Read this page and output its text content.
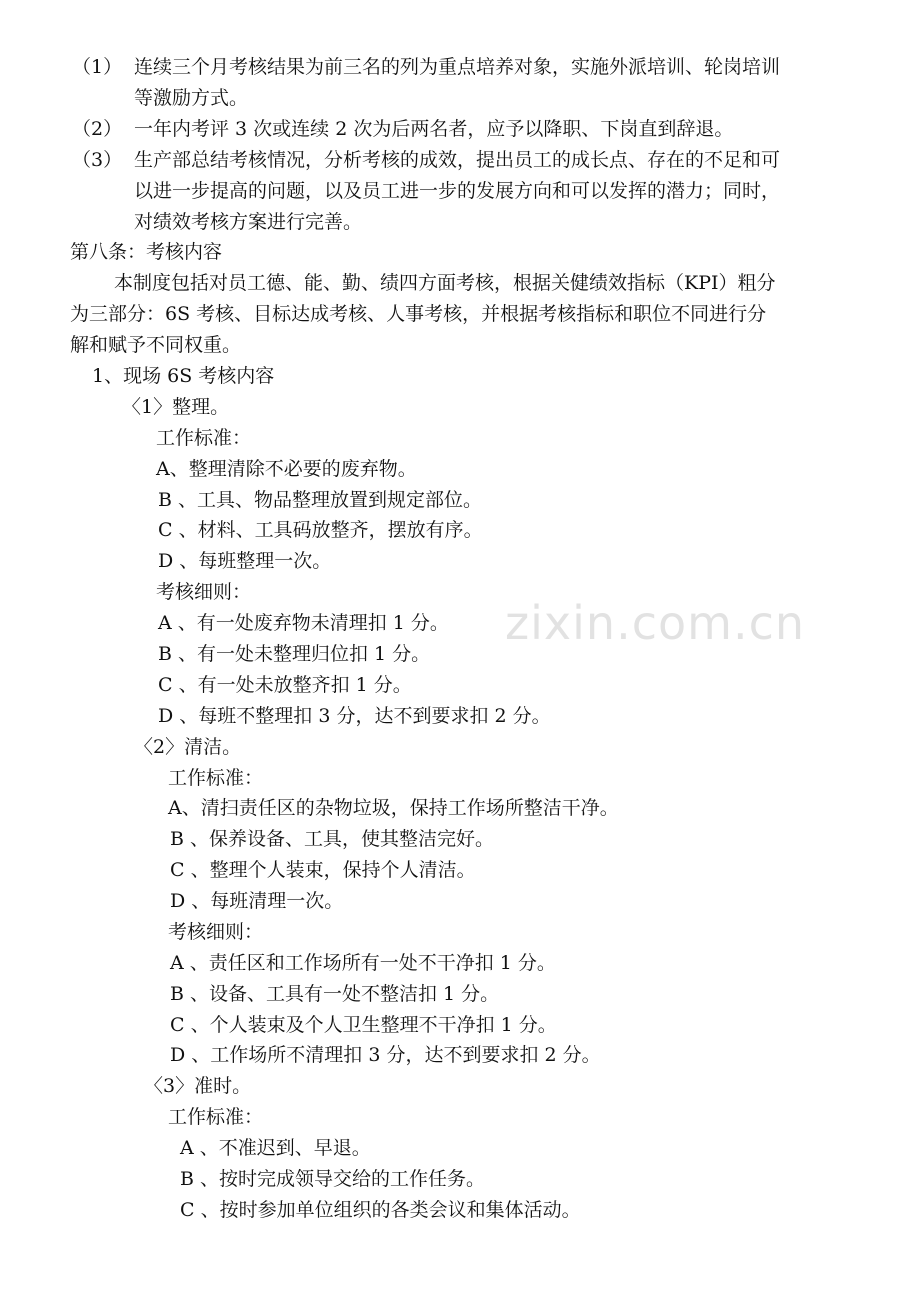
（1） 连续三个月考核结果为前三名的列为重点培养对象，实施外派培训、轮岗培训
等激励方式。
（2） 一年内考评 3 次或连续 2 次为后两名者，应予以降职、下岗直到辞退。
（3） 生产部总结考核情况，分析考核的成效，提出员工的成长点、存在的不足和可
以进一步提高的问题，以及员工进一步的发展方向和可以发挥的潜力；同时，
对绩效考核方案进行完善。
第八条：考核内容
本制度包括对员工德、能、勤、绩四方面考核，根据关健绩效指标（KPI）粗分
为三部分：6S 考核、目标达成考核、人事考核，并根据考核指标和职位不同进行分
解和赋予不同权重。
1、现场 6S 考核内容
〈1〉整理。
工作标准：
A、整理清除不必要的废弃物。
B 、工具、物品整理放置到规定部位。
C 、材料、工具码放整齐，摆放有序。
D 、每班整理一次。
考核细则：
A 、有一处废弃物未清理扣 1 分。
B 、有一处未整理归位扣 1 分。
C 、有一处未放整齐扣 1 分。
D 、每班不整理扣 3 分，达不到要求扣 2 分。
〈2〉清洁。
工作标准：
A、清扫责任区的杂物垃圾，保持工作场所整洁干净。
B 、保养设备、工具，使其整洁完好。
C 、整理个人装束，保持个人清洁。
D 、每班清理一次。
考核细则：
A 、责任区和工作场所有一处不干净扣 1 分。
B 、设备、工具有一处不整洁扣 1 分。
C 、个人装束及个人卫生整理不干净扣 1 分。
D 、工作场所不清理扣 3 分，达不到要求扣 2 分。
〈3〉准时。
工作标准：
A 、不准迟到、早退。
B 、按时完成领导交给的工作任务。
C 、按时参加单位组织的各类会议和集体活动。
zixin.com.cn
